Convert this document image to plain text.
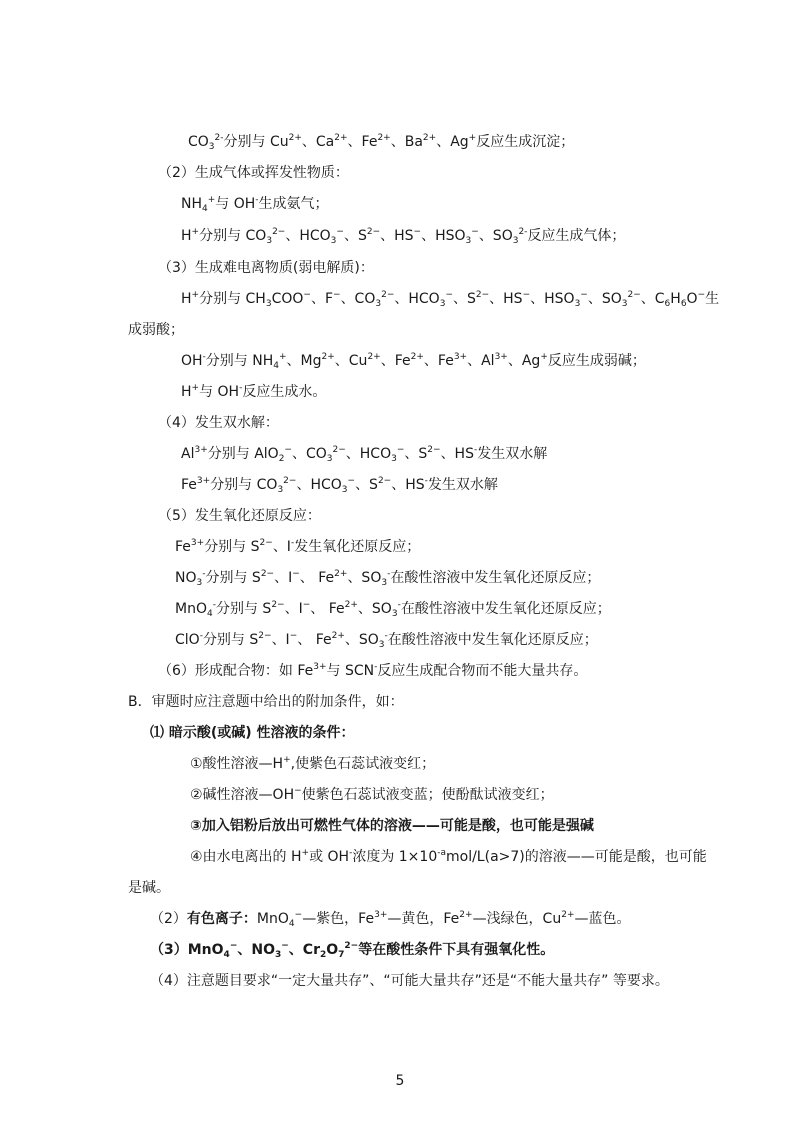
$CO_3^{2-}$分别与 $Cu^{2+}$、$Ca^{2+}$、$Fe^{2+}$、$Ba^{2+}$、Ag+反应生成沉淀；
（2）生成气体或挥发性物质：
$NH_4^+$与 OH-生成氨气；
H+分别与 $CO_3^{2-}$、$HCO_3^-$、$S^{2-}$、HS−、$HSO_3^-$、$SO_3^{2-}$反应生成气体；
（3）生成难电离物质(弱电解质)：
H+分别与 $CH_3COO^-$、F−、$CO_3^{2-}$、$HCO_3^-$、$S^{2-}$、HS−、$HSO_3^-$、$SO_3^{2-}$、$C_6H_6O^-$生
成弱酸；
OH-分别与 $NH_4^+$、$Mg^{2+}$、$Cu^{2+}$、$Fe^{2+}$、$Fe^{3+}$、$Al^{3+}$、Ag+反应生成弱碱；
H+与 OH-反应生成水。
（4）发生双水解：
$Al^{3+}$分别与 AlO$_2$−、$CO_3^{2-}$、$HCO_3^-$、$S^{2-}$、HS-发生双水解
$Fe^{3+}$分别与 $CO_3^{2-}$、$HCO_3^-$、$S^{2-}$、HS-发生双水解
（5）发生氧化还原反应：
$Fe^{3+}$分别与 $S^{2-}$、I-发生氧化还原反应；
$NO_3^-$分别与 $S^{2-}$、I−、 $Fe^{2+}$、$SO_3^-$在酸性溶液中发生氧化还原反应；
MnO$_4$-分别与 $S^{2-}$、I−、 $Fe^{2+}$、$SO_3^-$在酸性溶液中发生氧化还原反应；
ClO-分别与 $S^{2-}$、I−、 $Fe^{2+}$、$SO_3^-$在酸性溶液中发生氧化还原反应；
（6）形成配合物：如 $Fe^{3+}$与 SCN-反应生成配合物而不能大量共存。
B．审题时应注意题中给出的附加条件，如：
⑴ 暗示酸(或碱) 性溶液的条件：
①酸性溶液—H+,使紫色石蕊试液变红；
②碱性溶液—OH−使紫色石蕊试液变蓝；使酚酞试液变红；
③加入铝粉后放出可燃性气体的溶液——可能是酸，也可能是强碱
④由水电离出的 H+或 OH-浓度为 $1\times 10^{-a}mol/L(a>7)$的溶液——可能是酸，也可能
是碱。
（2）有色离子：MnO$_4$−—紫色，$Fe^{3+}—$黄色，$Fe^{2+}—$浅绿色，$Cu^{2+}—$蓝色。
（3）MnO$_4$−、$NO_3^-$、$Cr_2O_7^{2-}$等在酸性条件下具有强氧化性。
（4）注意题目要求“一定大量共存”、“可能大量共存”还是“不能大量共存” 等要求。
5
